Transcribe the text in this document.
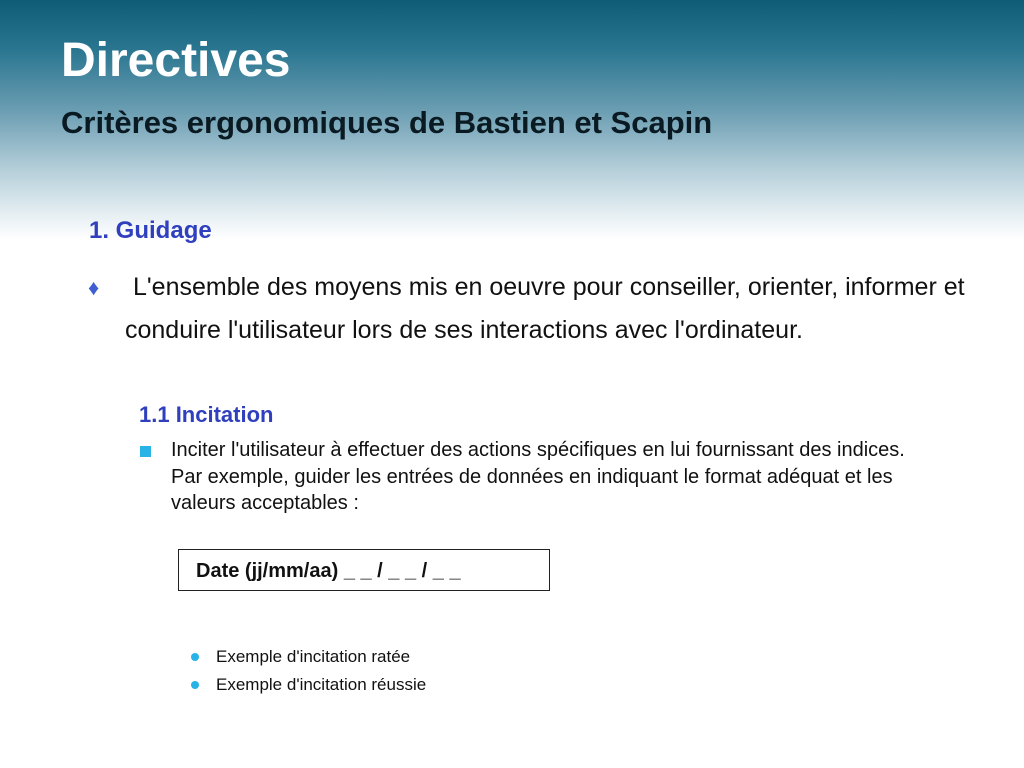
Directives
Critères ergonomiques de Bastien et Scapin
1. Guidage
♦	L'ensemble des moyens mis en oeuvre pour conseiller, orienter, informer et conduire l'utilisateur lors de ses interactions avec l'ordinateur.

1.1 Incitation

Inciter l'utilisateur à effectuer des actions spécifiques en lui fournissant des indices. Par exemple, guider les entrées de données en indiquant le format adéquat et les valeurs acceptables :

Date (jj/mm/aa) _ _ / _ _ / _ _
Exemple d'incitation ratée
Exemple d'incitation réussie
